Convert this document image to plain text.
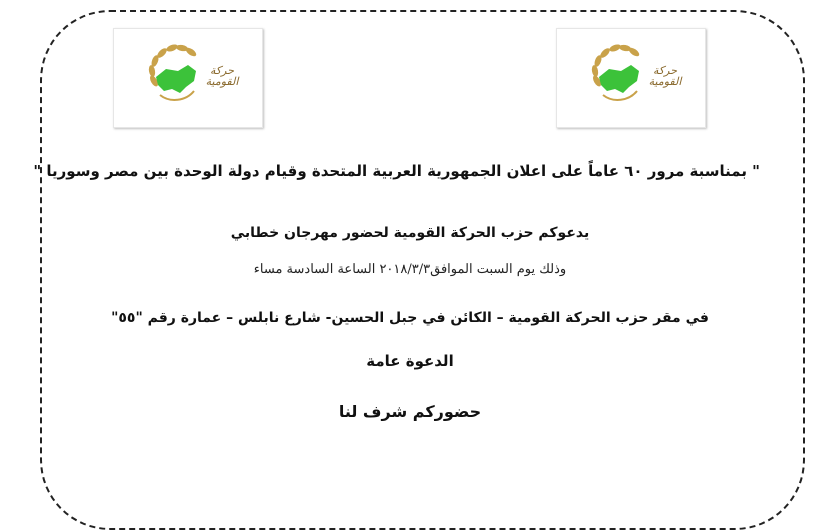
حركة القومية
حركة القومية
" بمناسبة مرور ٦٠ عاماً على اعلان الجمهورية العربية المتحدة وقيام دولة الوحدة بين مصر وسوريا "
يدعوكم حزب الحركة القومية لحضور مهرجان خطابي
وذلك يوم السبت الموافق٢٠١٨/٣/٣ الساعة السادسة مساء
في مقر حزب الحركة القومية – الكائن في جبل الحسين- شارع نابلس – عمارة رقم "٥٥"
الدعوة عامة
حضوركم شرف لنا
